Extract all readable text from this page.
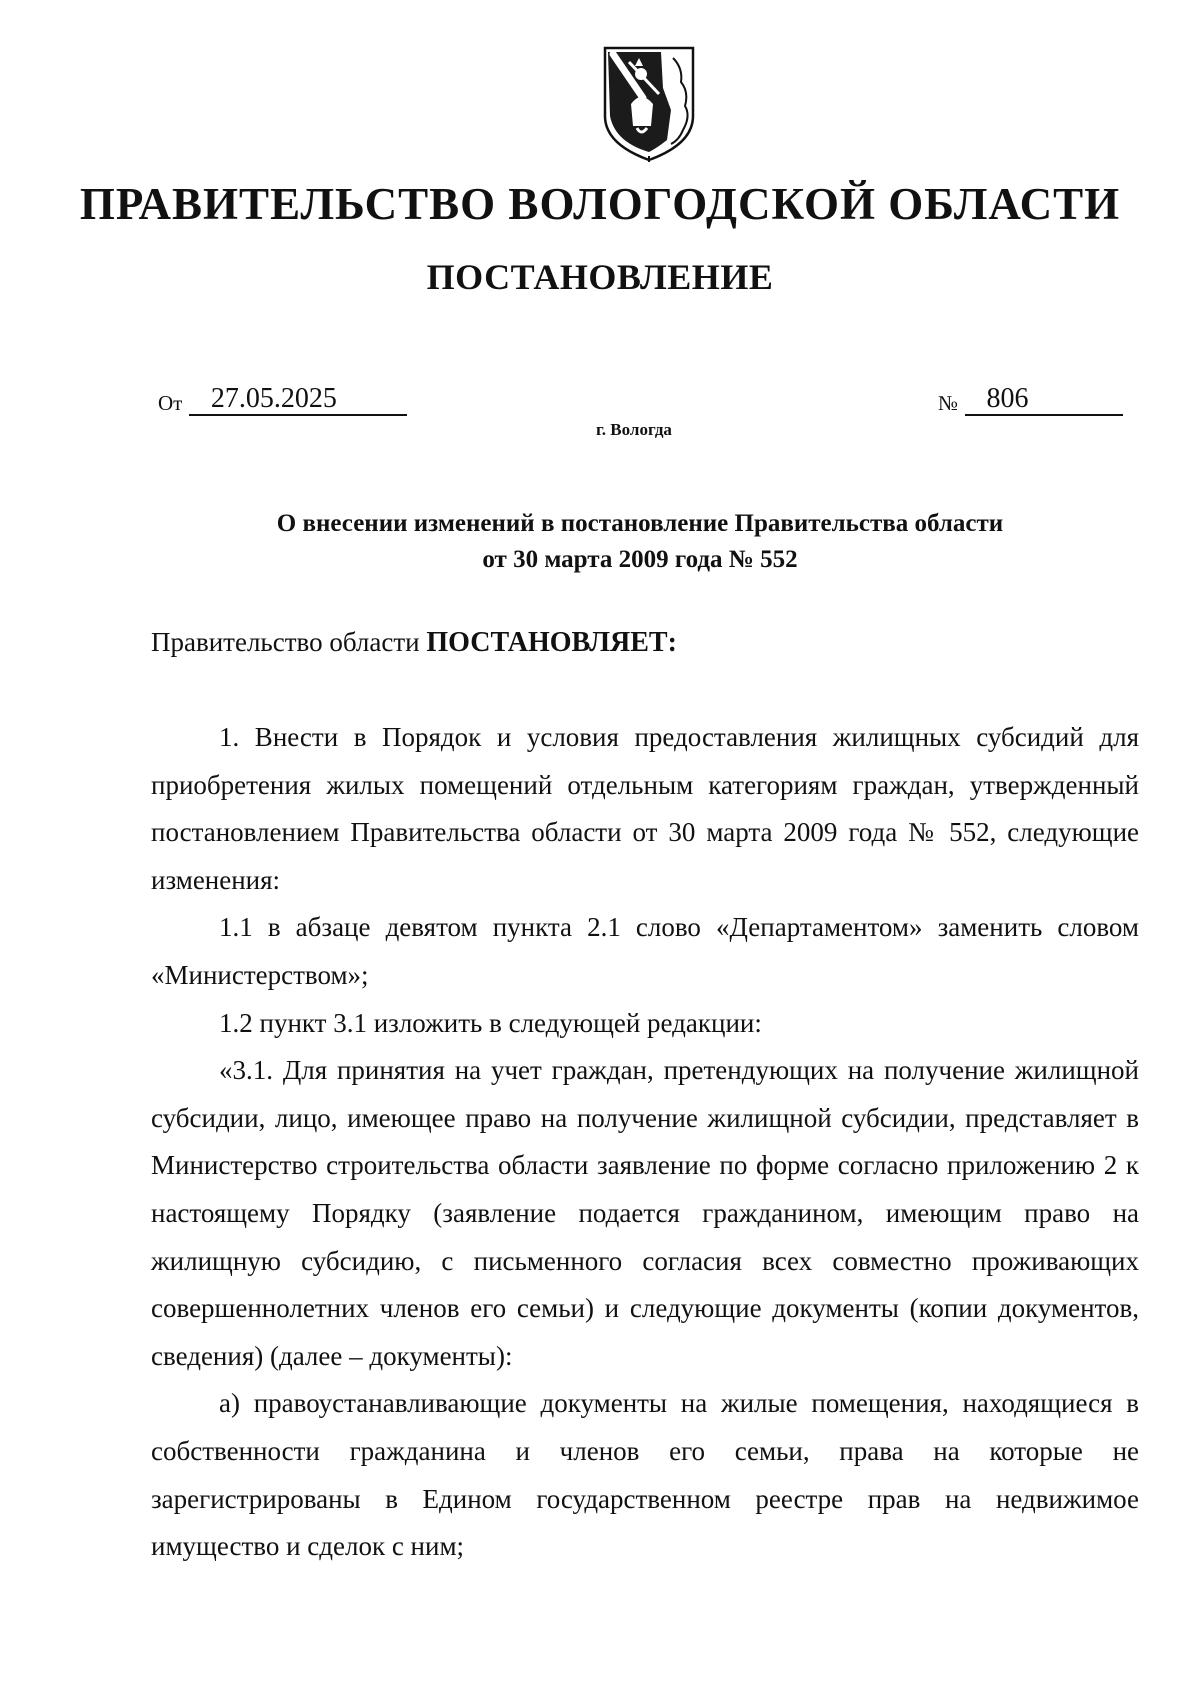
ПРАВИТЕЛЬСТВО ВОЛОГОДСКОЙ ОБЛАСТИ
ПОСТАНОВЛЕНИЕ
От 27.05.2025	№ 806
г. Вологда
О внесении изменений в постановление Правительства области
от 30 марта 2009 года № 552
Правительство области ПОСТАНОВЛЯЕТ:

1. Внести в Порядок и условия предоставления жилищных субсидий для приобретения жилых помещений отдельным категориям граждан, утвержденный постановлением Правительства области от 30 марта 2009 года № 552, следующие изменения:

1.1 в абзаце девятом пункта 2.1 слово «Департаментом» заменить словом «Министерством»;

1.2 пункт 3.1 изложить в следующей редакции:

«3.1. Для принятия на учет граждан, претендующих на получение жилищной субсидии, лицо, имеющее право на получение жилищной субсидии, представляет в Министерство строительства области заявление по форме согласно приложению 2 к настоящему Порядку (заявление подается гражданином, имеющим право на жилищную субсидию, с письменного согласия всех совместно проживающих совершеннолетних членов его семьи) и следующие документы (копии документов, сведения) (далее – документы):

а) правоустанавливающие документы на жилые помещения, находящиеся в собственности гражданина и членов его семьи, права на которые не зарегистрированы в Едином государственном реестре прав на недвижимое имущество и сделок с ним;
